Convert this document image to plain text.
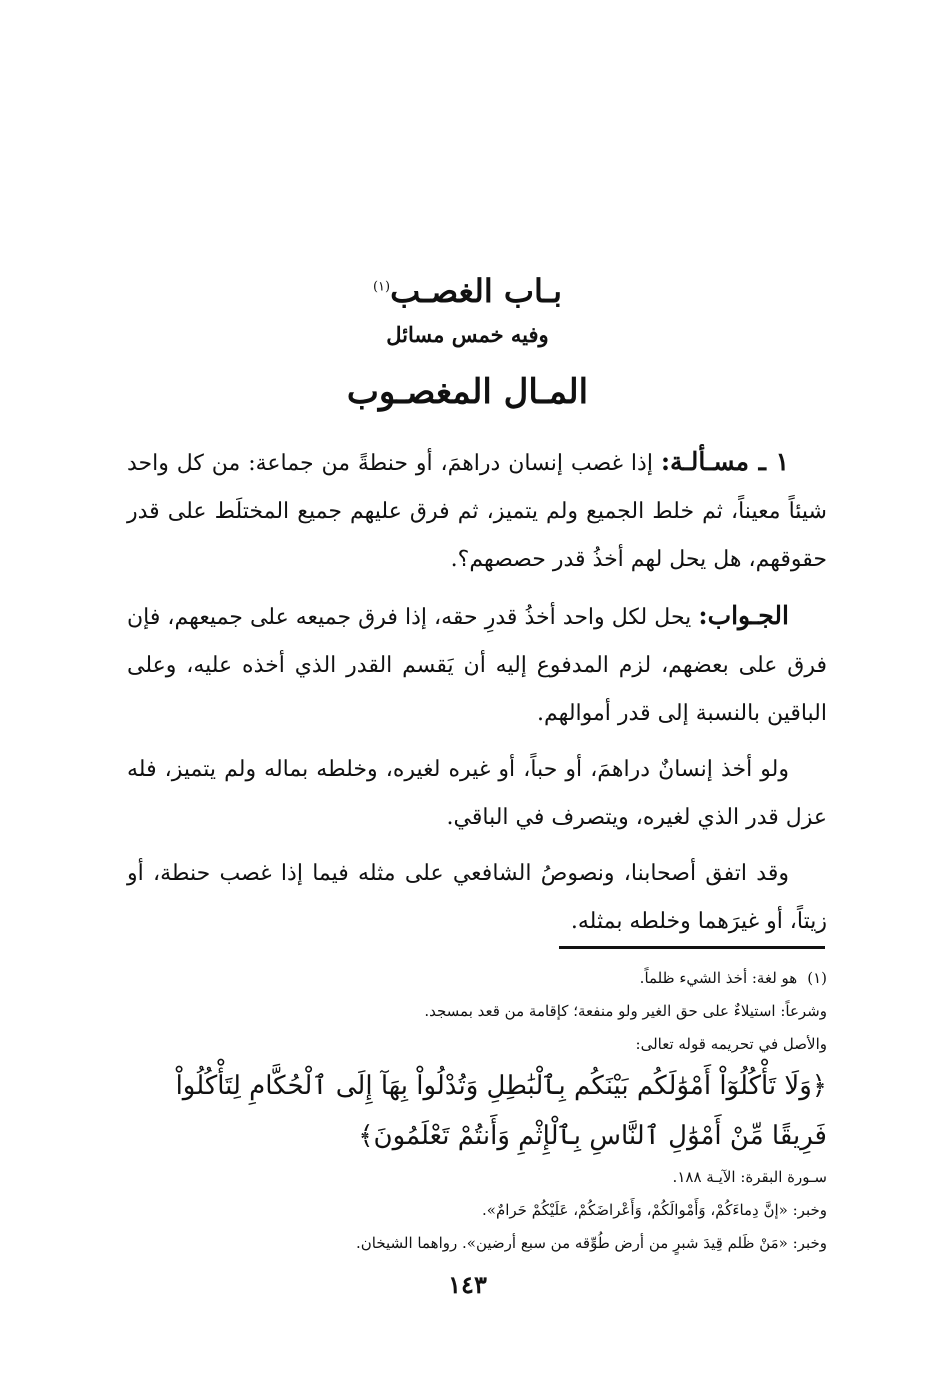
بـاب الغصـب$^{(١)}$
وفيه خمس مسائل
المـال المغصـوب

١ ـ مسـألـة: إذا غصب إنسان دراهمَ، أو حنطةً من جماعة: من كل واحد شيئاً معيناً، ثم خلط الجميع ولم يتميز، ثم فرق عليهم جميع المختلَط على قدر حقوقهم، هل يحل لهم أخذُ قدر حصصهم؟.

الجـواب: يحل لكل واحد أخذُ قدرِ حقه، إذا فرق جميعه على جميعهم، فإن فرق على بعضهم، لزم المدفوع إليه أن يَقسم القدر الذي أخذه عليه، وعلى الباقين بالنسبة إلى قدر أموالهم.

ولو أخذ إنسانٌ دراهمَ، أو حباً، أو غيره لغيره، وخلطه بماله ولم يتميز، فله عزل قدر الذي لغيره، ويتصرف في الباقي.

وقد اتفق أصحابنا، ونصوصُ الشافعي على مثله فيما إذا غصب حنطة، أو زيتاً، أو غيرَهما وخلطه بمثله.

(١)هو لغة: أخذ الشيء ظلماً.

وشرعاً: استيلاءٌ على حق الغير ولو منفعة؛ كإقامة من قعد بمسجد.

والأصل في تحريمه قوله تعالى:

﴿وَلَا تَأْكُلُوٓاْ أَمْوَٰلَكُم بَيْنَكُم بِٱلْبَٰطِلِ وَتُدْلُواْ بِهَآ إِلَى ٱلْحُكَّامِ لِتَأْكُلُواْ فَرِيقًا مِّنْ أَمْوَٰلِ ٱلنَّاسِ بِٱلْإِثْمِ وَأَنتُمْ تَعْلَمُونَ﴾

سـورة البقرة: الآيـة ١٨٨.

وخبر: «إنَّ دِماءَكُمْ، وَأَمْوالَكُمْ، وَأَعْراضَكُمْ، عَلَيْكُمْ حَرامٌ».

وخبر: «مَنْ ظَلم قِيدَ شبرٍ من أرض طُوِّقه من سبع أرضين». رواهما الشيخان.

١٤٣
